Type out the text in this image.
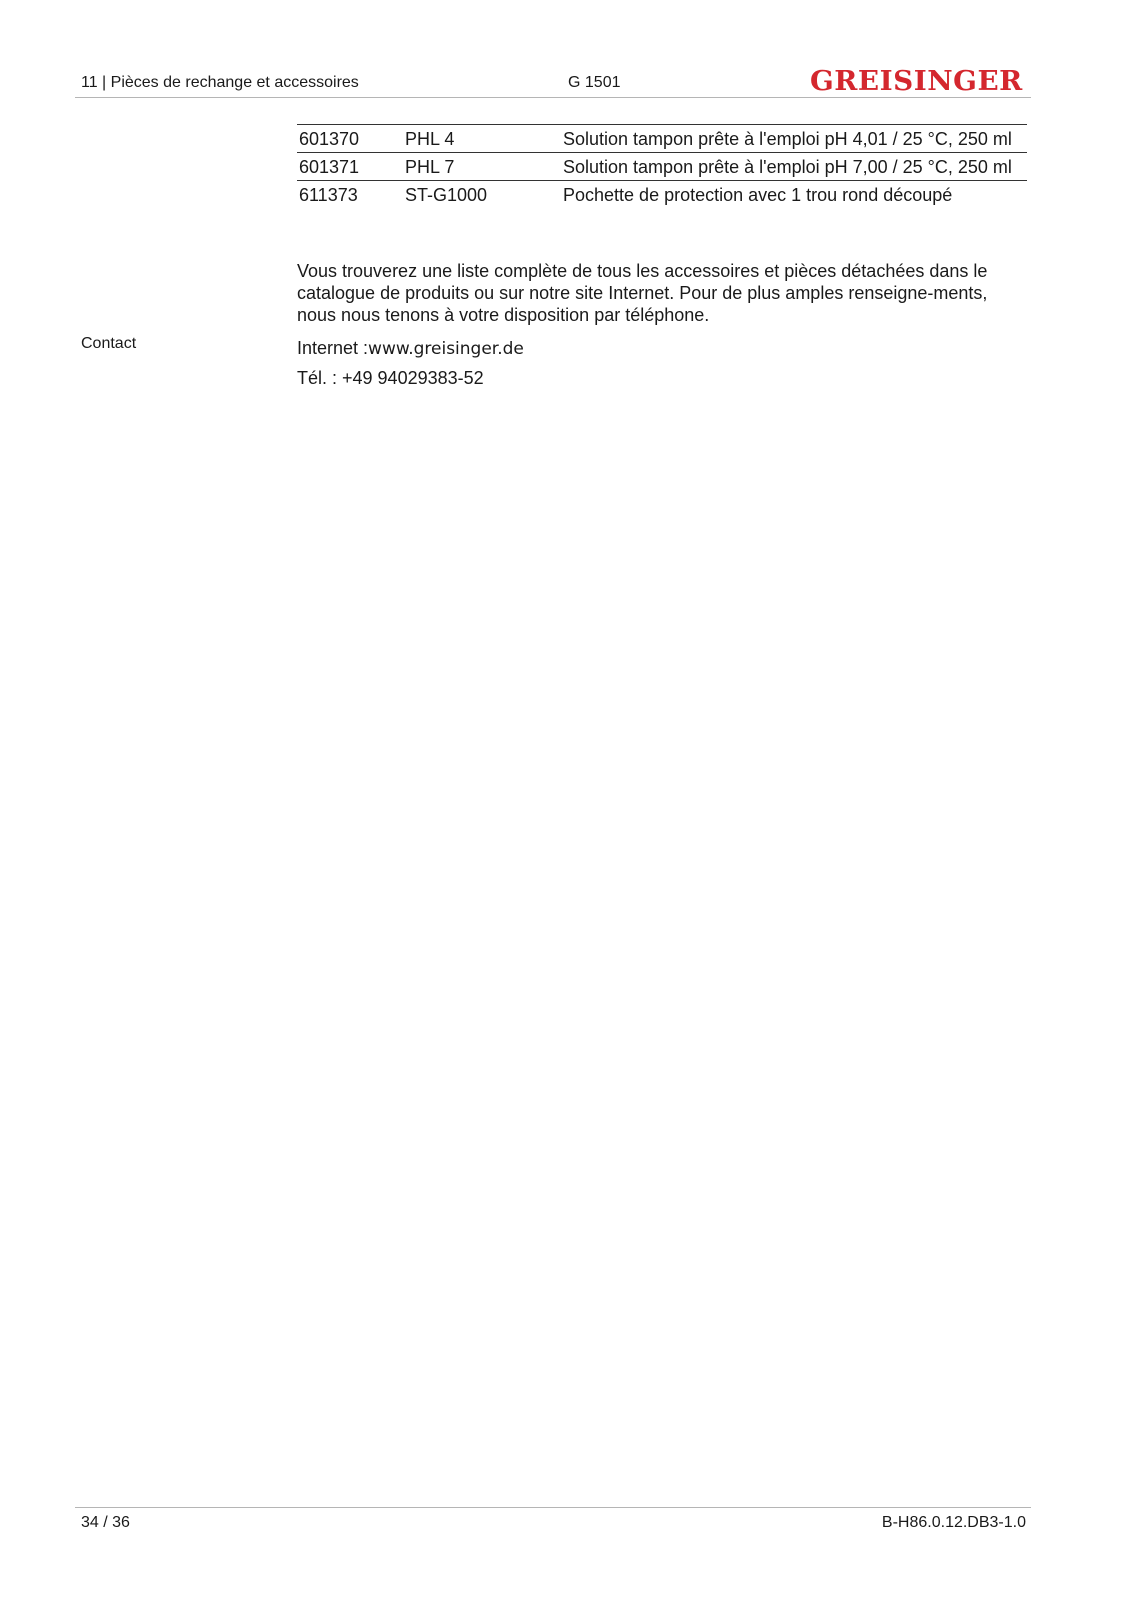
11 | Pièces de rechange et accessoires	G 1501	GREISINGER
601370	PHL 4	Solution tampon prête à l'emploi pH 4,01 / 25 °C, 250 ml
601371	PHL 7	Solution tampon prête à l'emploi pH 7,00 / 25 °C, 250 ml
611373	ST-G1000	Pochette de protection avec 1 trou rond découpé
Vous trouverez une liste complète de tous les accessoires et pièces détachées dans le catalogue de produits ou sur notre site Internet. Pour de plus amples renseigne-ments, nous nous tenons à votre disposition par téléphone.
Contact	Internet :www.greisinger.de
Tél. : +49 94029383-52
34 / 36	B-H86.0.12.DB3-1.0
